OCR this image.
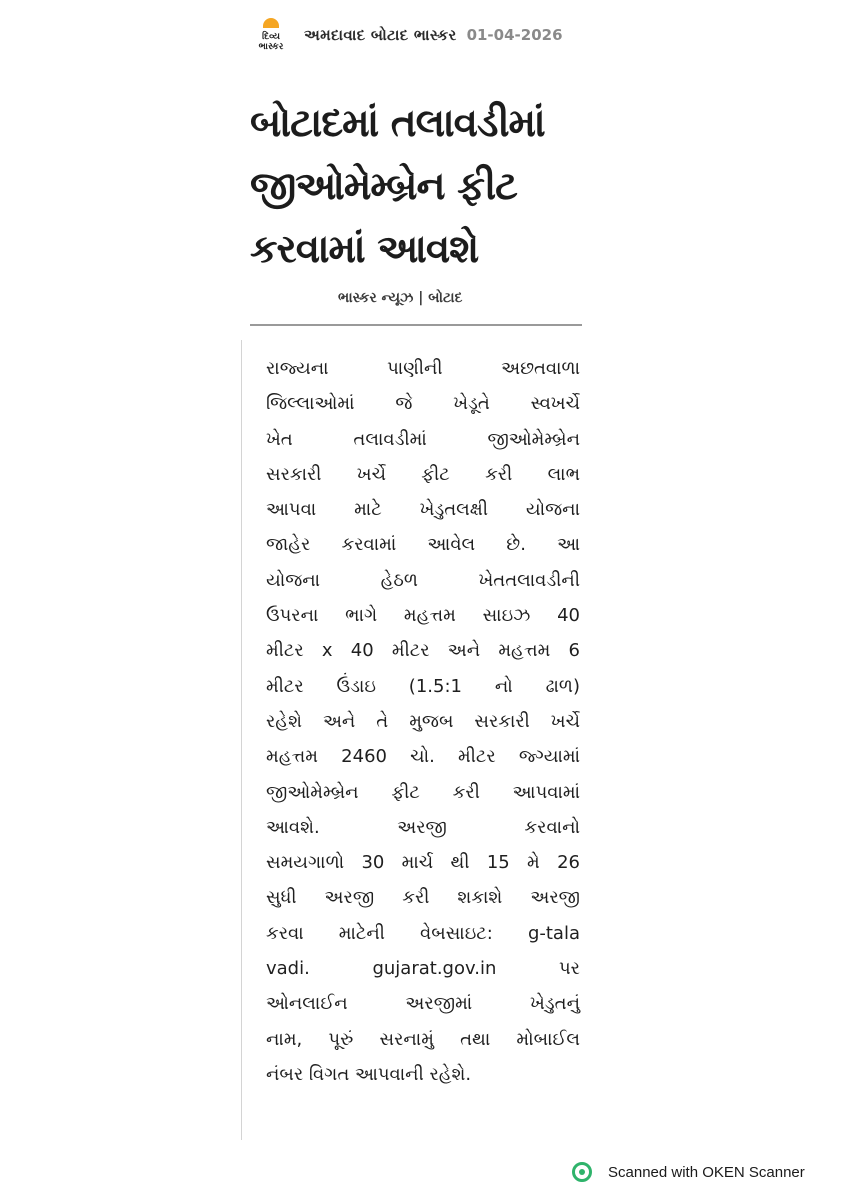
દિવ્ય
ભાસ્કર
અમદાવાદ બોટાદ ભાસ્કર 01-04-2026
બોટાદમાં તલાવડીમાં
જીઓમેમ્બ્રેન ફીટ
કરવામાં આવશે
ભાસ્કર ન્યૂઝ | બોટાદ
રાજ્યના પાણીની અછતવાળા
જિલ્લાઓમાં જે ખેડૂતે સ્વખર્ચે
ખેત તલાવડીમાં જીઓમેમ્બ્રેન
સરકારી ખર્ચે ફીટ કરી લાભ
આપવા માટે ખેડુતલક્ષી યોજના
જાહેર કરવામાં આવેલ છે. આ
યોજના હેઠળ ખેતતલાવડીની
ઉપરના ભાગે મહત્તમ સાઇઝ 40
મીટર x 40 મીટર અને મહત્તમ 6
મીટર ઉંડાઇ (1.5:1 નો ઢાળ)
રહેશે અને તે મુજબ સરકારી ખર્ચે
મહત્તમ 2460 ચો. મીટર જ્ગ્યામાં
જીઓમેમ્બ્રેન ફીટ કરી આપવામાં
આવશે. અરજી કરવાનો
સમયગાળો 30 માર્ચ થી 15 મે 26
સુધી અરજી કરી શકાશે અરજી
કરવા માટેની વેબસાઇટ: g-tala
vadi. gujarat.gov.in પર
ઓનલાઈન અરજીમાં ખેડુતનું
નામ, પૂરું સરનામું તથા મોબાઈલ
નંબર વિગત આપવાની રહેશે.
Scanned with OKEN Scanner
